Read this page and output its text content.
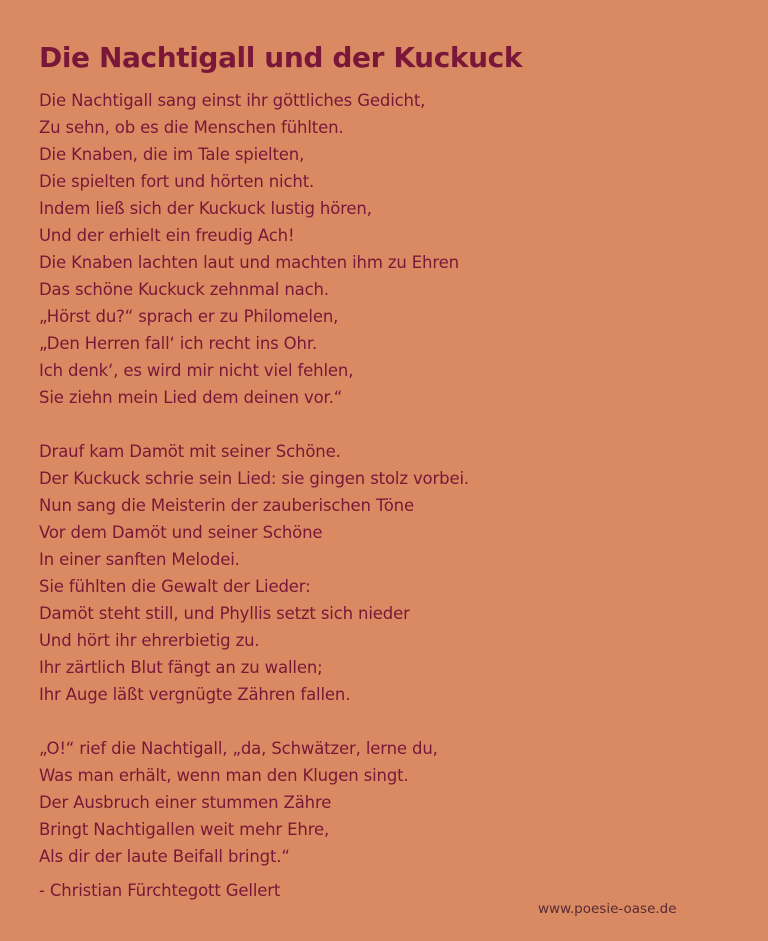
Die Nachtigall und der Kuckuck
Die Nachtigall sang einst ihr göttliches Gedicht,
Zu sehn, ob es die Menschen fühlten.
Die Knaben, die im Tale spielten,
Die spielten fort und hörten nicht.
Indem ließ sich der Kuckuck lustig hören,
Und der erhielt ein freudig Ach!
Die Knaben lachten laut und machten ihm zu Ehren
Das schöne Kuckuck zehnmal nach.
„Hörst du?“ sprach er zu Philomelen,
„Den Herren fall‘ ich recht ins Ohr.
Ich denk‘, es wird mir nicht viel fehlen,
Sie ziehn mein Lied dem deinen vor.“
Drauf kam Damöt mit seiner Schöne.
Der Kuckuck schrie sein Lied: sie gingen stolz vorbei.
Nun sang die Meisterin der zauberischen Töne
Vor dem Damöt und seiner Schöne
In einer sanften Melodei.
Sie fühlten die Gewalt der Lieder:
Damöt steht still, und Phyllis setzt sich nieder
Und hört ihr ehrerbietig zu.
Ihr zärtlich Blut fängt an zu wallen;
Ihr Auge läßt vergnügte Zähren fallen.
„O!“ rief die Nachtigall, „da, Schwätzer, lerne du,
Was man erhält, wenn man den Klugen singt.
Der Ausbruch einer stummen Zähre
Bringt Nachtigallen weit mehr Ehre,
Als dir der laute Beifall bringt.“
- Christian Fürchtegott Gellert
www.poesie-oase.de
